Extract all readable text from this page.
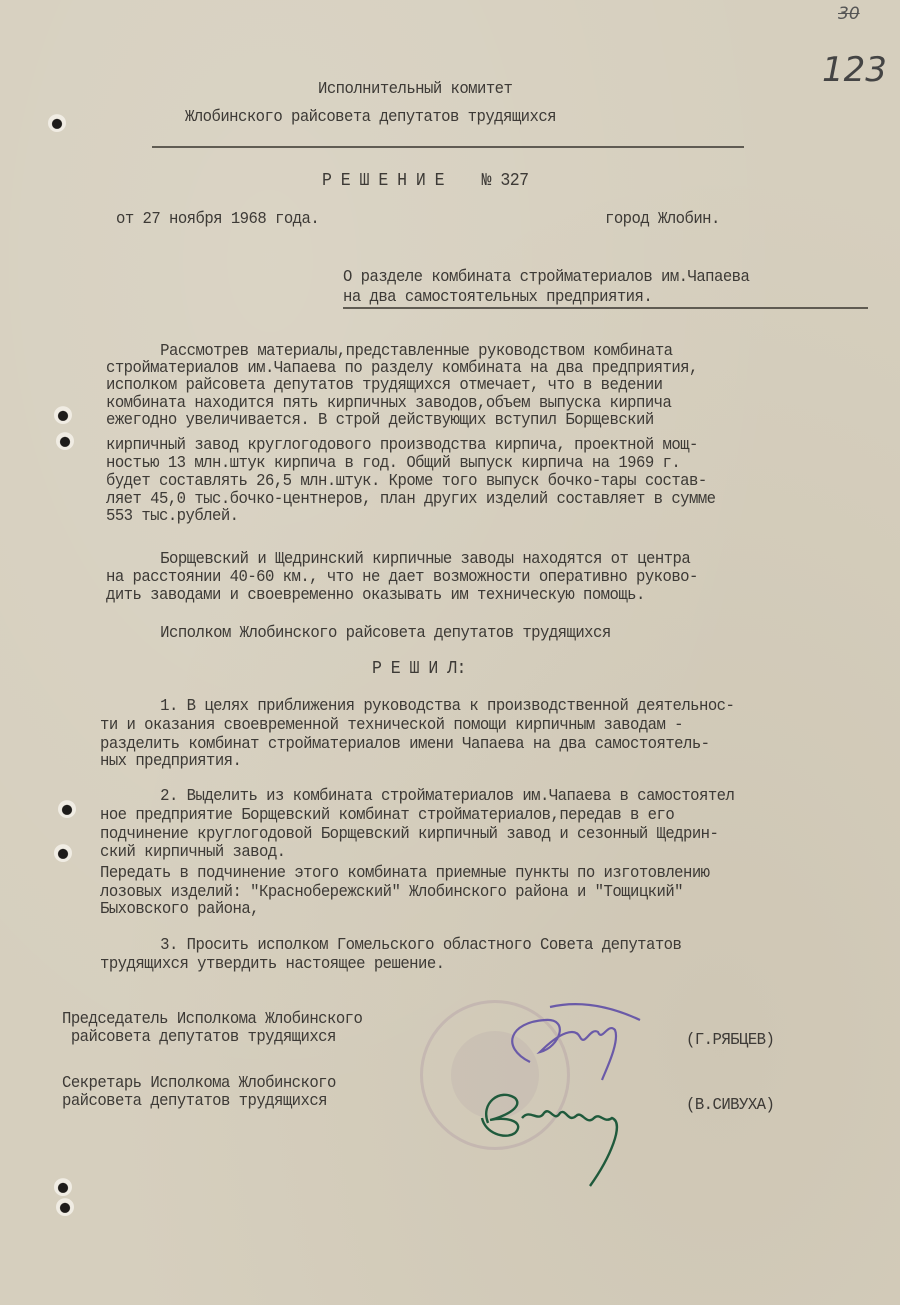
30
123
Исполнительный комитет
Жлобинского райсовета депутатов трудящихся
Р Е Ш Е Н И Е    № 327
от 27 ноября 1968 года.	город Жлобин.
О разделе комбината стройматериалов им.Чапаева
на два самостоятельных предприятия.
Рассмотрев материалы,представленные руководством комбината
стройматериалов им.Чапаева по разделу комбината на два предприятия,
исполком райсовета депутатов трудящихся отмечает, что в ведении
комбината находится пять кирпичных заводов,объем выпуска кирпича
ежегодно увеличивается. В строй действующих вступил Борщевский
кирпичный завод круглогодового производства кирпича, проектной мощ-
ностью 13 млн.штук кирпича в год. Общий выпуск кирпича на 1969 г.
будет составлять 26,5 млн.штук. Кроме того выпуск бочко-тары состав-
ляет 45,0 тыс.бочко-центнеров, план других изделий составляет в сумме
553 тыс.рублей.
Борщевский и Щедринский кирпичные заводы находятся от центра
на расстоянии 40-60 км., что не дает возможности оперативно руково-
дить заводами и своевременно оказывать им техническую помощь.
Исполком Жлобинского райсовета депутатов трудящихся
Р Е Ш И Л:
1. В целях приближения руководства к производственной деятельнос-
ти и оказания своевременной технической помощи кирпичным заводам -
разделить комбинат стройматериалов имени Чапаева на два самостоятель-
ных предприятия.
2. Выделить из комбината стройматериалов им.Чапаева в самостоятел
ное предприятие Борщевский комбинат стройматериалов,передав в его
подчинение круглогодовой Борщевский кирпичный завод и сезонный Щедрин-
ский кирпичный завод.
Передать в подчинение этого комбината приемные пункты по изготовлению
лозовых изделий: "Краснобережский" Жлобинского района и "Тощицкий"
Быховского района,
3. Просить исполком Гомельского областного Совета депутатов
трудящихся утвердить настоящее решение.
Председатель Исполкома Жлобинского
райсовета депутатов трудящихся	(Г.РЯБЦЕВ)
Секретарь Исполкома Жлобинского
райсовета депутатов трудящихся	(В.СИВУХА)
